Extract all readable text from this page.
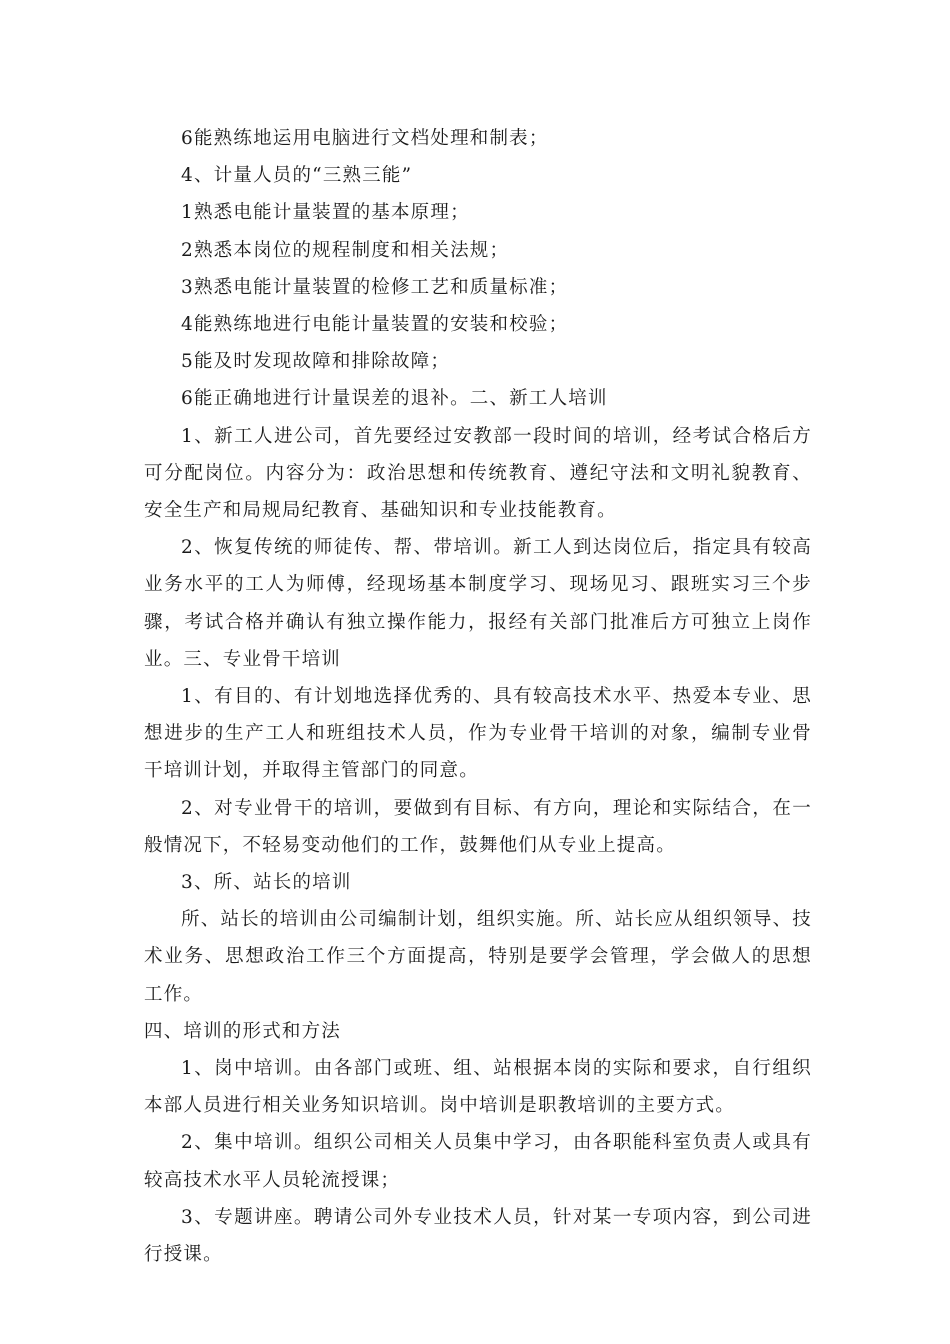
6能熟练地运用电脑进行文档处理和制表；

4、计量人员的“三熟三能”

1熟悉电能计量装置的基本原理；

2熟悉本岗位的规程制度和相关法规；

3熟悉电能计量装置的检修工艺和质量标准；

4能熟练地进行电能计量装置的安装和校验；

5能及时发现故障和排除故障；

6能正确地进行计量误差的退补。二、新工人培训

1、新工人进公司，首先要经过安教部一段时间的培训，经考试合格后方可分配岗位。内容分为：政治思想和传统教育、遵纪守法和文明礼貌教育、安全生产和局规局纪教育、基础知识和专业技能教育。

2、恢复传统的师徒传、帮、带培训。新工人到达岗位后，指定具有较高业务水平的工人为师傅，经现场基本制度学习、现场见习、跟班实习三个步骤，考试合格并确认有独立操作能力，报经有关部门批准后方可独立上岗作业。三、专业骨干培训

1、有目的、有计划地选择优秀的、具有较高技术水平、热爱本专业、思想进步的生产工人和班组技术人员，作为专业骨干培训的对象，编制专业骨干培训计划，并取得主管部门的同意。

2、对专业骨干的培训，要做到有目标、有方向，理论和实际结合，在一般情况下，不轻易变动他们的工作，鼓舞他们从专业上提高。

3、所、站长的培训

所、站长的培训由公司编制计划，组织实施。所、站长应从组织领导、技术业务、思想政治工作三个方面提高，特别是要学会管理，学会做人的思想工作。

四、培训的形式和方法

1、岗中培训。由各部门或班、组、站根据本岗的实际和要求，自行组织本部人员进行相关业务知识培训。岗中培训是职教培训的主要方式。

2、集中培训。组织公司相关人员集中学习，由各职能科室负责人或具有较高技术水平人员轮流授课；

3、专题讲座。聘请公司外专业技术人员，针对某一专项内容，到公司进行授课。
